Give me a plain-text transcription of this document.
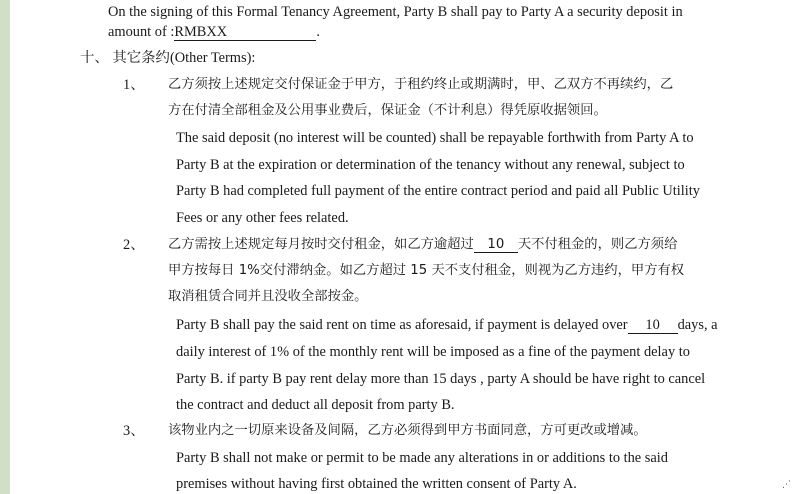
On the signing of this Formal Tenancy Agreement, Party B shall pay to Party A a security deposit in
amount of :RMBXX	.
十、 其它条约(Other Terms):
1、 乙方须按上述规定交付保证金于甲方，于租约终止或期满时，甲、乙双方不再续约，乙
方在付清全部租金及公用事业费后，保证金（不计利息）得凭原收据领回。
The said deposit (no interest will be counted) shall be repayable forthwith from Party A to
Party B at the expiration or determination of the tenancy without any renewal, subject to
Party B had completed full payment of the entire contract period and paid all Public Utility
Fees or any other fees related.
2、 乙方需按上述规定每月按时交付租金，如乙方逾超过 10 天不付租金的，则乙方须给
甲方按每日 1%交付滞纳金。如乙方超过 15 天不支付租金，则视为乙方违约，甲方有权
取消租赁合同并且没收全部按金。
Party B shall pay the said rent on time as aforesaid, if payment is delayed over 10 days, a
daily interest of 1% of the monthly rent will be imposed as a fine of the payment delay to
Party B. if party B pay rent delay more than 15 days , party A should be have right to cancel
the contract and deduct all deposit from party B.
3、 该物业内之一切原来设备及间隔，乙方必须得到甲方书面同意，方可更改或增减。
Party B shall not make or permit to be made any alterations in or additions to the said
premises without having first obtained the written consent of Party A.	⋰
